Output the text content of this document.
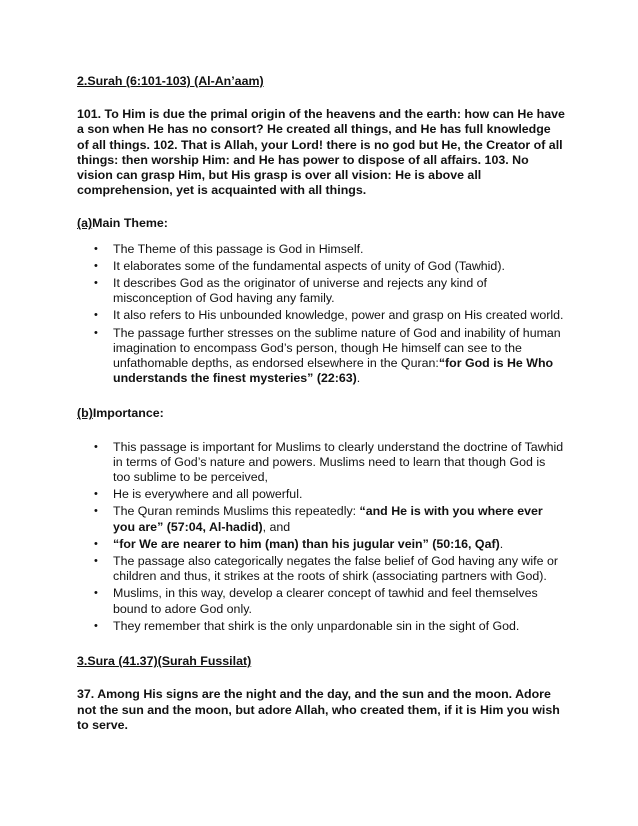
2.Surah (6:101-103) (Al-An’aam)

101. To Him is due the primal origin of the heavens and the earth: how can He have a son when He has no consort? He created all things, and He has full knowledge of all things. 102. That is Allah, your Lord! there is no god but He, the Creator of all things: then worship Him: and He has power to dispose of all affairs. 103. No vision can grasp Him, but His grasp is over all vision: He is above all comprehension, yet is acquainted with all things.

(a)Main Theme:

• The Theme of this passage is God in Himself.
• It elaborates some of the fundamental aspects of unity of God (Tawhid).
• It describes God as the originator of universe and rejects any kind of misconception of God having any family.
• It also refers to His unbounded knowledge, power and grasp on His created world.
• The passage further stresses on the sublime nature of God and inability of human imagination to encompass God’s person, though He himself can see to the unfathomable depths, as endorsed elsewhere in the Quran:“for God is He Who understands the finest mysteries” (22:63).

(b)Importance:

• This passage is important for Muslims to clearly understand the doctrine of Tawhid in terms of God’s nature and powers. Muslims need to learn that though God is too sublime to be perceived,
• He is everywhere and all powerful.
• The Quran reminds Muslims this repeatedly: “and He is with you where ever you are” (57:04, Al-hadid), and
• “for We are nearer to him (man) than his jugular vein” (50:16, Qaf).
• The passage also categorically negates the false belief of God having any wife or children and thus, it strikes at the roots of shirk (associating partners with God).
• Muslims, in this way, develop a clearer concept of tawhid and feel themselves bound to adore God only.
• They remember that shirk is the only unpardonable sin in the sight of God.

3.Sura (41.37)(Surah Fussilat)

37. Among His signs are the night and the day, and the sun and the moon. Adore not the sun and the moon, but adore Allah, who created them, if it is Him you wish to serve.
